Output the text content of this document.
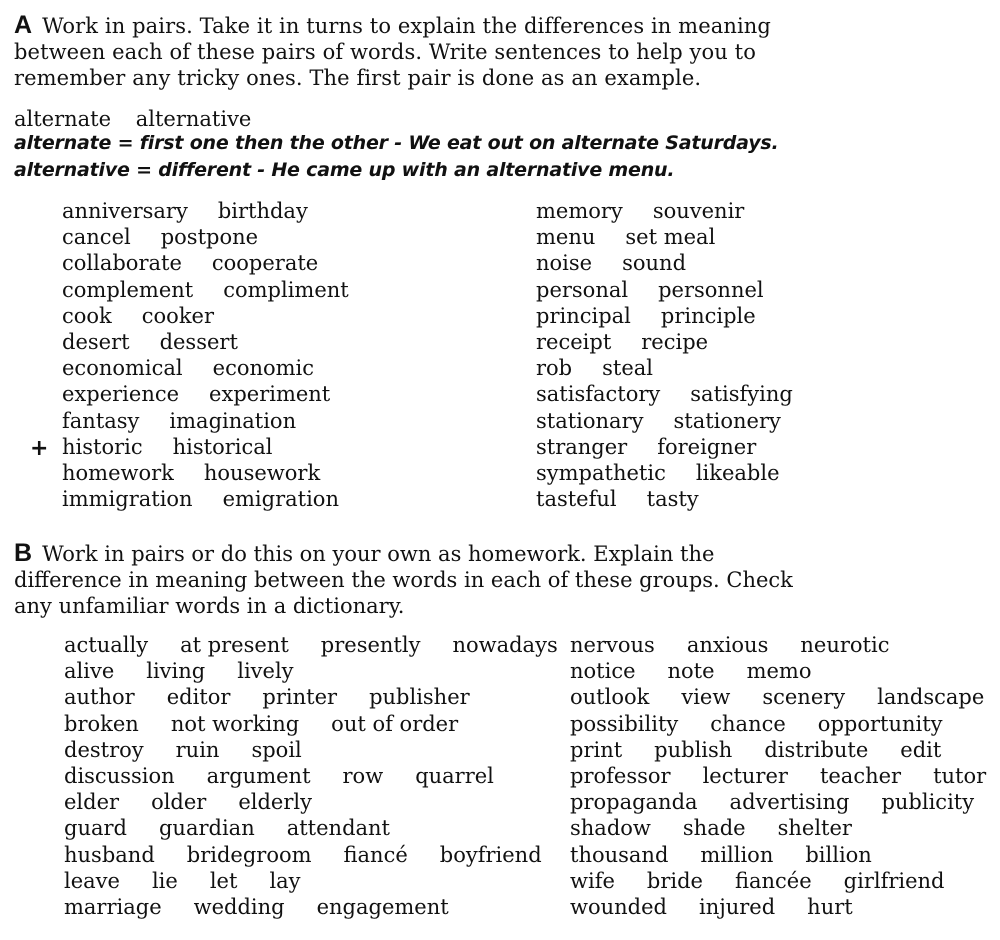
A Work in pairs. Take it in turns to explain the differences in meaning between each of these pairs of words. Write sentences to help you to remember any tricky ones. The first pair is done as an example.
alternate alternative
alternate = first one then the other - We eat out on alternate Saturdays.
alternative = different - He came up with an alternative menu.
+
anniversary birthday
cancel postpone
collaborate cooperate
complement compliment
cook cooker
desert dessert
economical economic
experience experiment
fantasy imagination
historic historical
homework housework
immigration emigration
memory souvenir
menu set meal
noise sound
personal personnel
principal principle
receipt recipe
rob steal
satisfactory satisfying
stationary stationery
stranger foreigner
sympathetic likeable
tasteful tasty
B Work in pairs or do this on your own as homework. Explain the difference in meaning between the words in each of these groups. Check any unfamiliar words in a dictionary.
actually at present presently nowadays
alive living lively
author editor printer publisher
broken not working out of order
destroy ruin spoil
discussion argument row quarrel
elder older elderly
guard guardian attendant
husband bridegroom fiancé boyfriend
leave lie let lay
marriage wedding engagement
nervous anxious neurotic
notice note memo
outlook view scenery landscape
possibility chance opportunity
print publish distribute edit
professor lecturer teacher tutor
propaganda advertising publicity
shadow shade shelter
thousand million billion
wife bride fiancée girlfriend
wounded injured hurt
